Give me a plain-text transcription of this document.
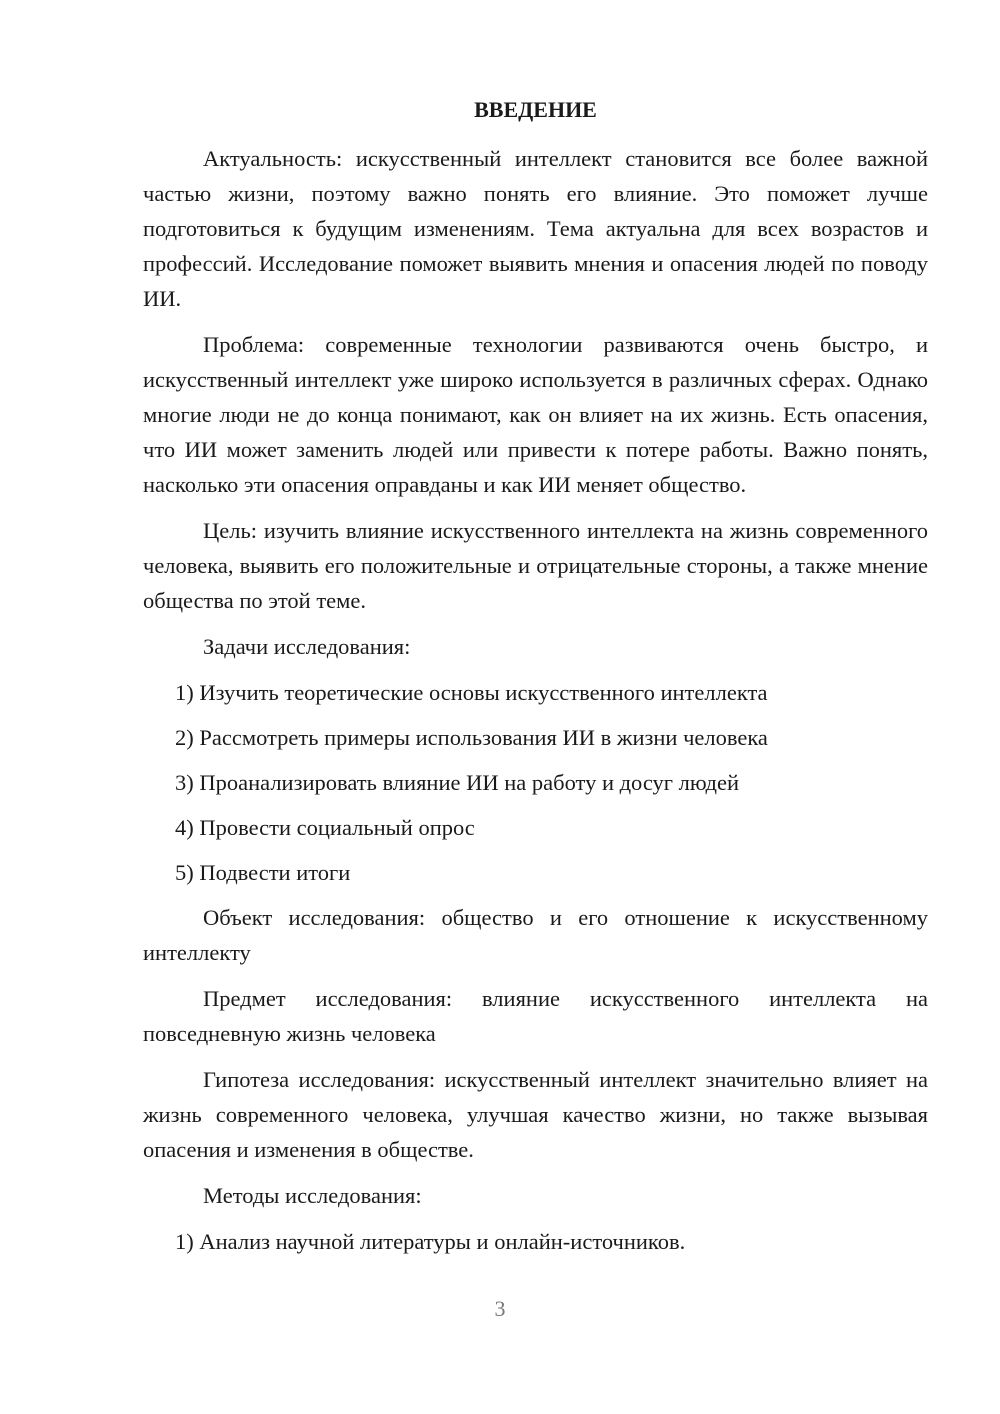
ВВЕДЕНИЕ

Актуальность: искусственный интеллект становится все более важной частью жизни, поэтому важно понять его влияние. Это поможет лучше подготовиться к будущим изменениям. Тема актуальна для всех возрастов и профессий. Исследование поможет выявить мнения и опасения людей по поводу ИИ.

Проблема: современные технологии развиваются очень быстро, и искусственный интеллект уже широко используется в различных сферах. Однако многие люди не до конца понимают, как он влияет на их жизнь. Есть опасения, что ИИ может заменить людей или привести к потере работы. Важно понять, насколько эти опасения оправданы и как ИИ меняет общество.

Цель: изучить влияние искусственного интеллекта на жизнь современного человека, выявить его положительные и отрицательные стороны, а также мнение общества по этой теме.

Задачи исследования:

1) Изучить теоретические основы искусственного интеллекта
2) Рассмотреть примеры использования ИИ в жизни человека
3) Проанализировать влияние ИИ на работу и досуг людей
4) Провести социальный опрос
5) Подвести итоги

Объект исследования: общество и его отношение к искусственному интеллекту

Предмет исследования: влияние искусственного интеллекта на повседневную жизнь человека

Гипотеза исследования: искусственный интеллект значительно влияет на жизнь современного человека, улучшая качество жизни, но также вызывая опасения и изменения в обществе.

Методы исследования:

1) Анализ научной литературы и онлайн-источников.
3
